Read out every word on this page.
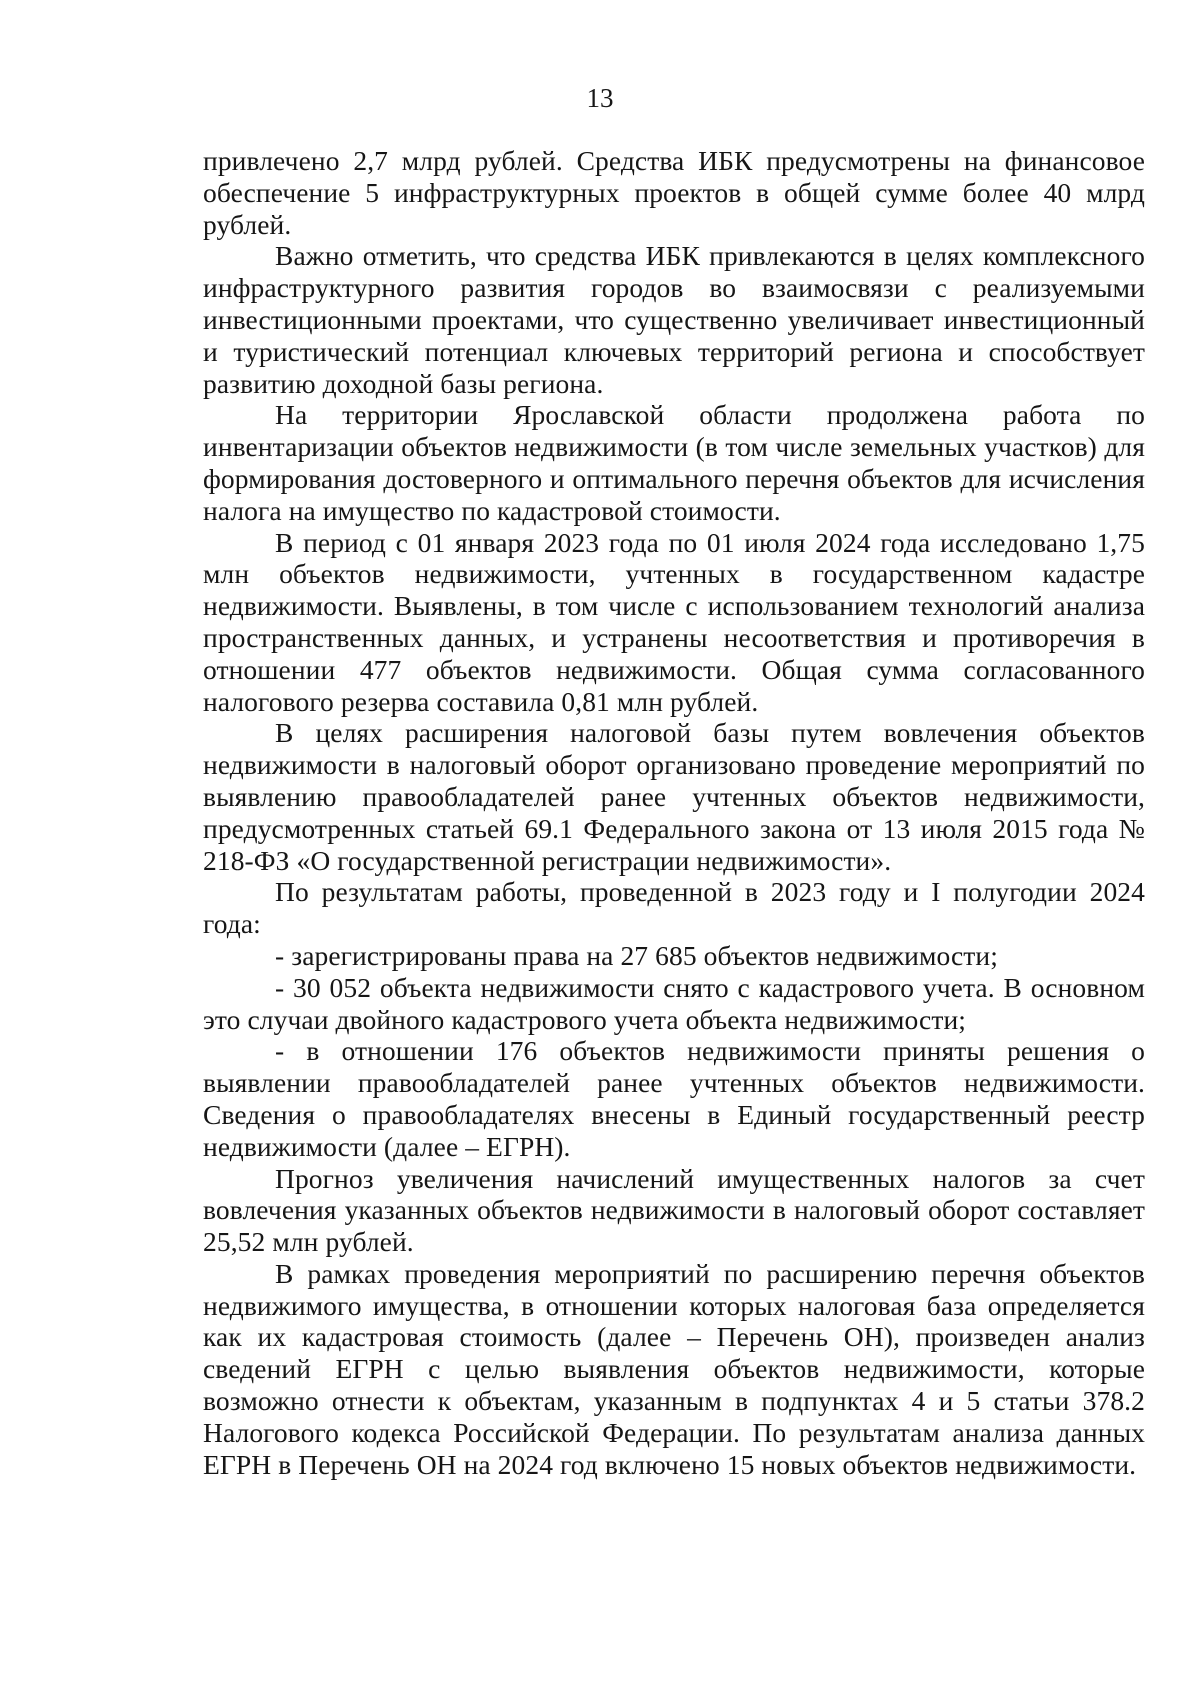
13

привлечено 2,7 млрд рублей. Средства ИБК предусмотрены на финансовое обеспечение 5 инфраструктурных проектов в общей сумме более 40 млрд рублей.

Важно отметить, что средства ИБК привлекаются в целях комплексного инфраструктурного развития городов во взаимосвязи с реализуемыми инвестиционными проектами, что существенно увеличивает инвестиционный и туристический потенциал ключевых территорий региона и способствует развитию доходной базы региона.

На территории Ярославской области продолжена работа по инвентаризации объектов недвижимости (в том числе земельных участков) для формирования достоверного и оптимального перечня объектов для исчисления налога на имущество по кадастровой стоимости.

В период с 01 января 2023 года по 01 июля 2024 года исследовано 1,75 млн объектов недвижимости, учтенных в государственном кадастре недвижимости. Выявлены, в том числе с использованием технологий анализа пространственных данных, и устранены несоответствия и противоречия в отношении 477 объектов недвижимости. Общая сумма согласованного налогового резерва составила 0,81 млн рублей.

В целях расширения налоговой базы путем вовлечения объектов недвижимости в налоговый оборот организовано проведение мероприятий по выявлению правообладателей ранее учтенных объектов недвижимости, предусмотренных статьей 69.1 Федерального закона от 13 июля 2015 года № 218-ФЗ «О государственной регистрации недвижимости».

По результатам работы, проведенной в 2023 году и I полугодии 2024 года:

- зарегистрированы права на 27 685 объектов недвижимости;

- 30 052 объекта недвижимости снято с кадастрового учета. В основном это случаи двойного кадастрового учета объекта недвижимости;

- в отношении 176 объектов недвижимости приняты решения о выявлении правообладателей ранее учтенных объектов недвижимости. Сведения о правообладателях внесены в Единый государственный реестр недвижимости (далее – ЕГРН).

Прогноз увеличения начислений имущественных налогов за счет вовлечения указанных объектов недвижимости в налоговый оборот составляет 25,52 млн рублей.

В рамках проведения мероприятий по расширению перечня объектов недвижимого имущества, в отношении которых налоговая база определяется как их кадастровая стоимость (далее – Перечень ОН), произведен анализ сведений ЕГРН с целью выявления объектов недвижимости, которые возможно отнести к объектам, указанным в подпунктах 4 и 5 статьи 378.2 Налогового кодекса Российской Федерации. По результатам анализа данных ЕГРН в Перечень ОН на 2024 год включено 15 новых объектов недвижимости.
